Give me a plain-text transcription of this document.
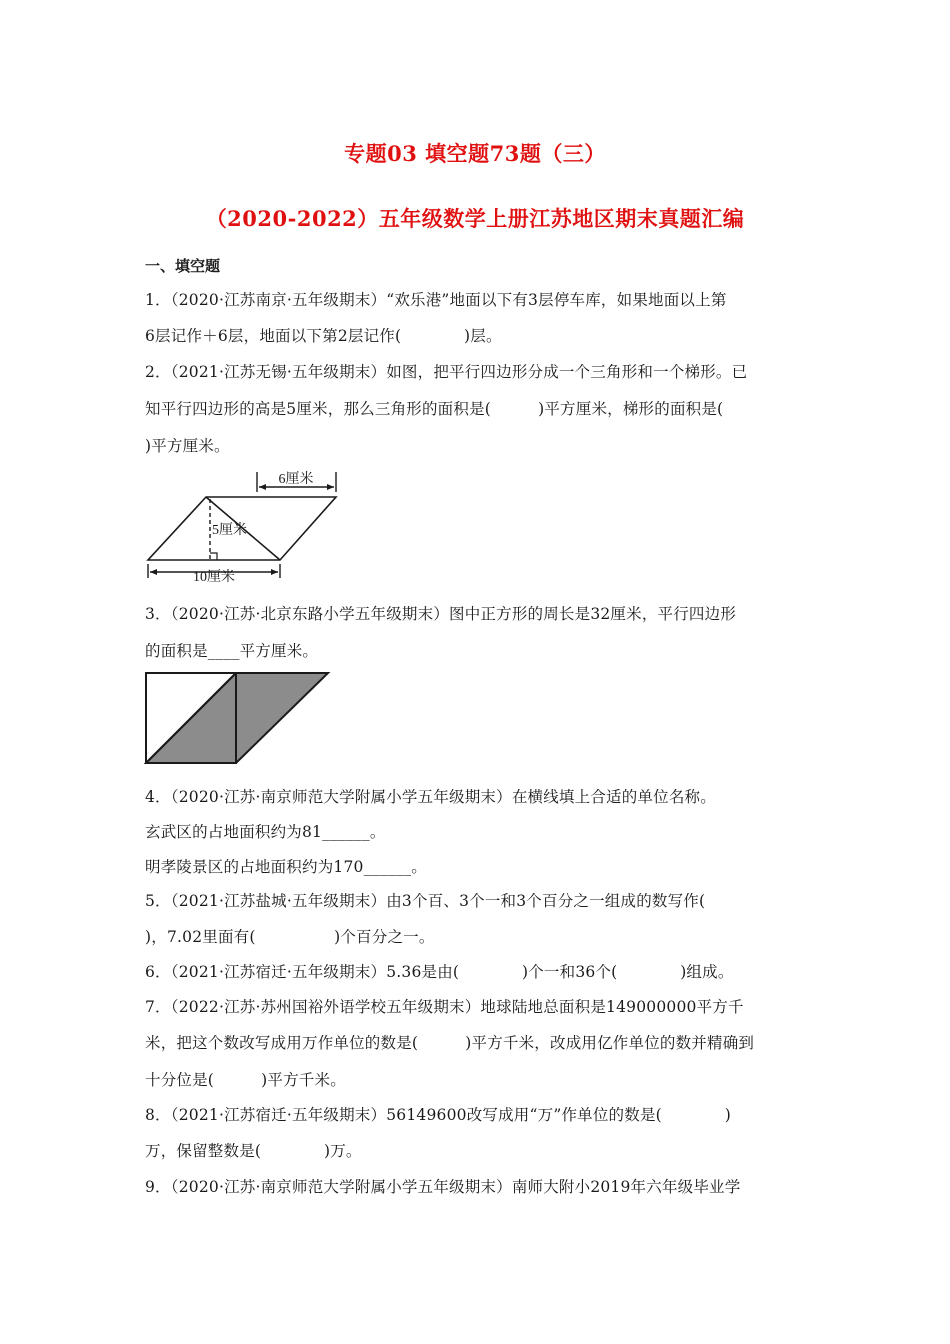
专题03 填空题73题（三）
（2020-2022）五年级数学上册江苏地区期末真题汇编
一、填空题
1．（2020·江苏南京·五年级期末）“欢乐港”地面以下有3层停车库，如果地面以上第
6层记作＋6层，地面以下第2层记作(　　　　)层。
2．（2021·江苏无锡·五年级期末）如图，把平行四边形分成一个三角形和一个梯形。已
知平行四边形的高是5厘米，那么三角形的面积是(　　　)平方厘米，梯形的面积是(
)平方厘米。
6厘米
5厘米
10厘米
3．（2020·江苏·北京东路小学五年级期末）图中正方形的周长是32厘米，平行四边形
的面积是____平方厘米。
4．（2020·江苏·南京师范大学附属小学五年级期末）在横线填上合适的单位名称。
玄武区的占地面积约为81______。
明孝陵景区的占地面积约为170______。
5．（2021·江苏盐城·五年级期末）由3个百、3个一和3个百分之一组成的数写作(
)，7.02里面有(　　　　　)个百分之一。
6．（2021·江苏宿迁·五年级期末）5.36是由(　　　　)个一和36个(　　　　)组成。
7．（2022·江苏·苏州国裕外语学校五年级期末）地球陆地总面积是149000000平方千
米，把这个数改写成用万作单位的数是(　　　)平方千米，改成用亿作单位的数并精确到
十分位是(　　　)平方千米。
8．（2021·江苏宿迁·五年级期末）56149600改写成用“万”作单位的数是(　　　　)
万，保留整数是(　　　　)万。
9．（2020·江苏·南京师范大学附属小学五年级期末）南师大附小2019年六年级毕业学
